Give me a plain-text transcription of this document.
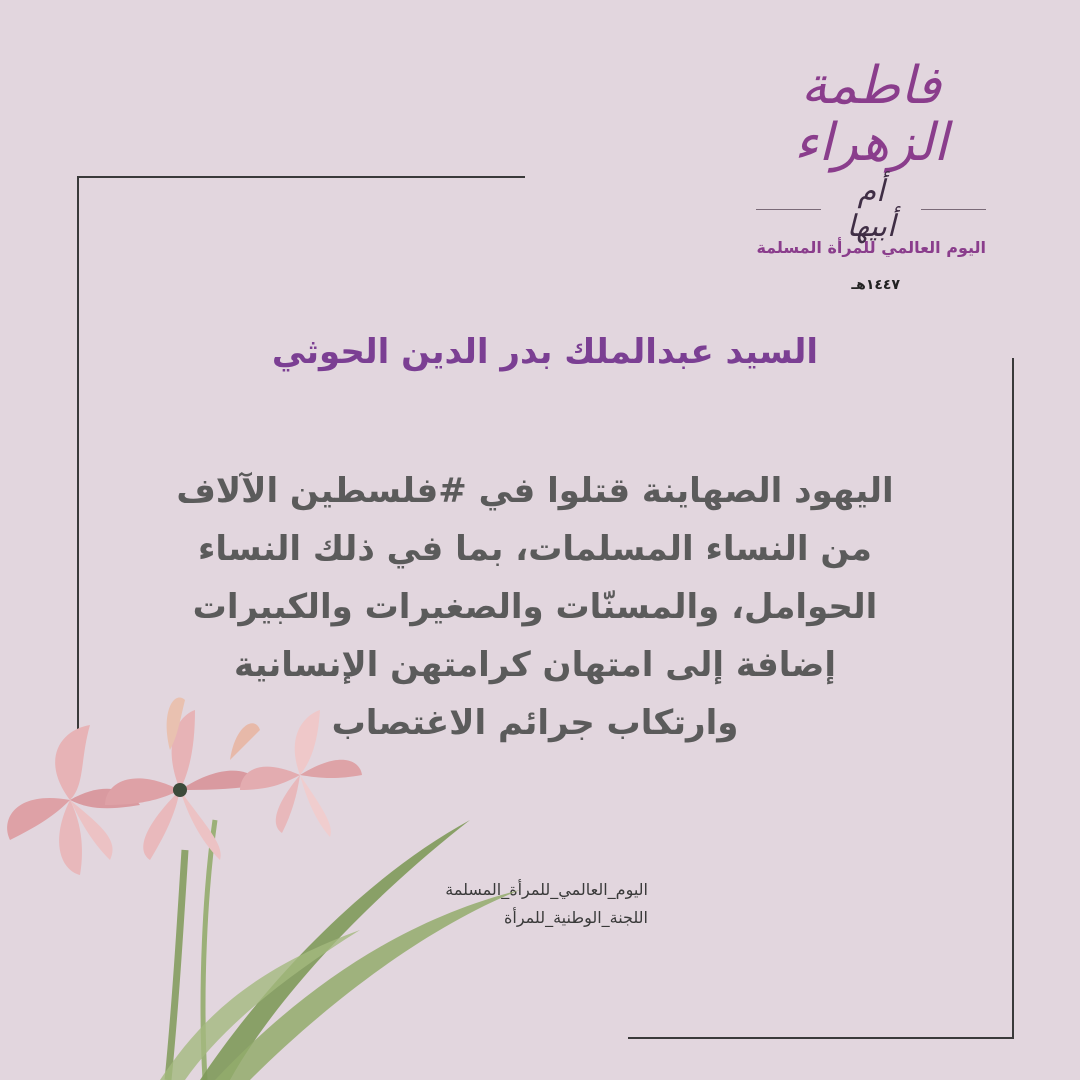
فاطمة الزهراء
أم أبيها
اليوم العالمي للمرأة المسلمة
١٤٤٧هـ
السيد عبدالملك بدر الدين الحوثي
اليهود الصهاينة قتلوا في #فلسطين الآلاف
من النساء المسلمات، بما في ذلك النساء
الحوامل، والمسنّات والصغيرات والكبيرات
إضافة إلى امتهان كرامتهن الإنسانية
وارتكاب جرائم الاغتصاب
اليوم_العالمي_للمرأة_المسلمة
اللجنة_الوطنية_للمرأة
